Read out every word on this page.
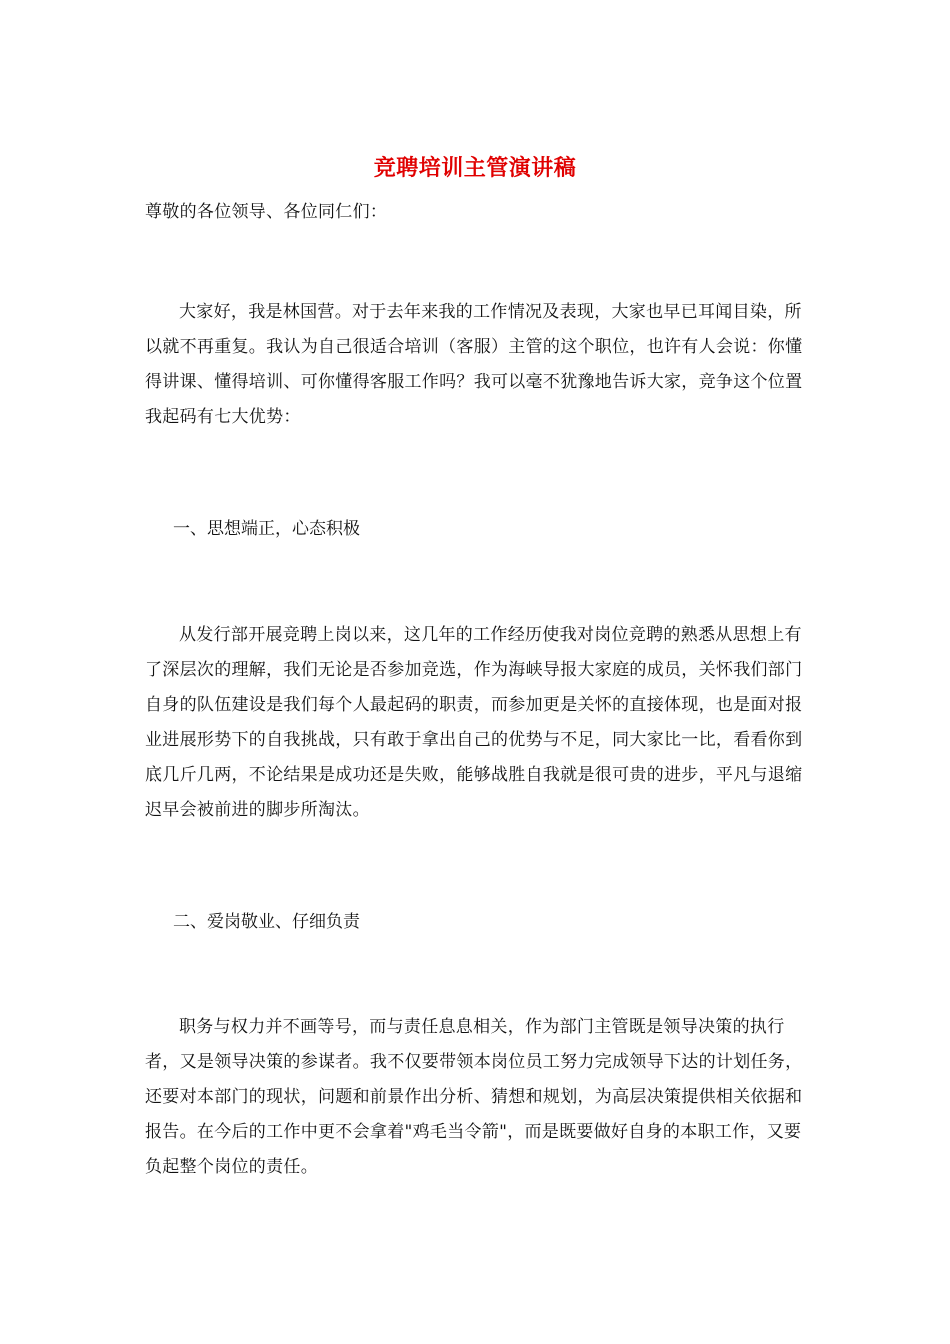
竞聘培训主管演讲稿

尊敬的各位领导、各位同仁们：

大家好，我是林国营。对于去年来我的工作情况及表现，大家也早已耳闻目染，所以就不再重复。我认为自己很适合培训（客服）主管的这个职位，也许有人会说：你懂得讲课、懂得培训、可你懂得客服工作吗？我可以毫不犹豫地告诉大家，竞争这个位置我起码有七大优势：

一、思想端正，心态积极

从发行部开展竞聘上岗以来，这几年的工作经历使我对岗位竞聘的熟悉从思想上有了深层次的理解，我们无论是否参加竞选，作为海峡导报大家庭的成员，关怀我们部门自身的队伍建设是我们每个人最起码的职责，而参加更是关怀的直接体现，也是面对报业进展形势下的自我挑战，只有敢于拿出自己的优势与不足，同大家比一比，看看你到底几斤几两，不论结果是成功还是失败，能够战胜自我就是很可贵的进步，平凡与退缩迟早会被前进的脚步所淘汰。

二、爱岗敬业、仔细负责

职务与权力并不画等号，而与责任息息相关，作为部门主管既是领导决策的执行者，又是领导决策的参谋者。我不仅要带领本岗位员工努力完成领导下达的计划任务，还要对本部门的现状，问题和前景作出分析、猜想和规划，为高层决策提供相关依据和报告。在今后的工作中更不会拿着"鸡毛当令箭"，而是既要做好自身的本职工作，又要负起整个岗位的责任。
